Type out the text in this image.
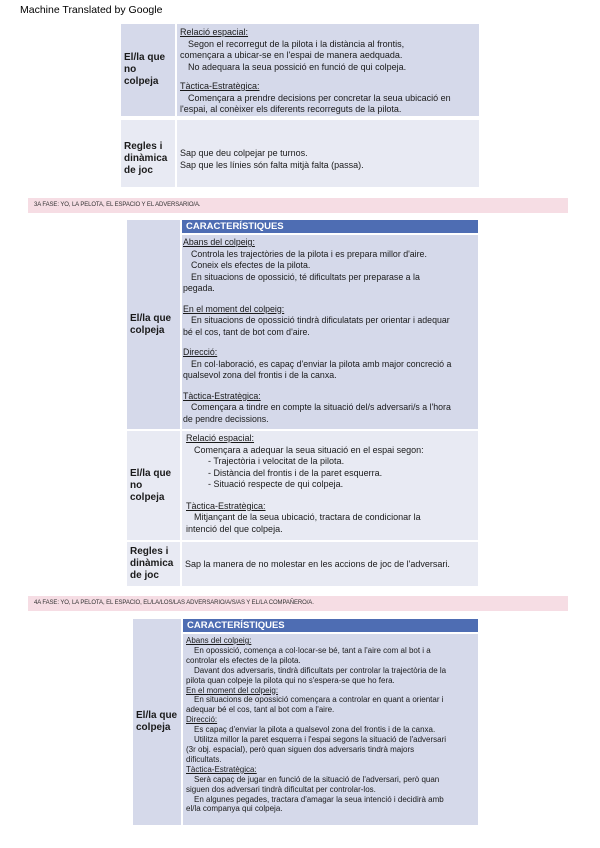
Machine Translated by Google
El/la que
no
colpeja
Relació espacial:
Segon el recorregut de la pilota i la distància al frontis,
començara a ubicar-se en l'espai de manera aedquada.
No adequara la seua possició en funció de qui colpeja.
Tàctica-Estratègica:
Començara a prendre decisions per concretar la seua ubicació en
l'espai, al conèixer els diferents recorreguts de la pilota.
Regles i
dinàmica
de joc
Sap que deu colpejar pe turnos.
Sap que les línies són falta mitjà falta (passa).
3A FASE: YO, LA PELOTA, EL ESPACIO Y EL ADVERSARIO/A.
CARACTERÍSTIQUES
El/la que
colpeja
Abans del colpeig:
Controla les trajectòries de la pilota i es prepara millor d'aire.
Coneix els efectes de la pilota.
En situacions de opossició, té dificultats per preparase a la
pegada.
En el moment del colpeig:
En situacions de opossició tindrà dificulatats per orientar i adequar
bé el cos, tant de bot com d'aire.
Direcció:
En col·laboració, es capaç d'enviar la pilota amb major concreció a
qualsevol zona del frontis i de la canxa.
Tàctica-Estratègica:
Començara a tindre en compte la situació del/s adversari/s a l'hora
de pendre decissions.
El/la que
no
colpeja
Relació espacial:
Començara a adequar la seua situació en el espai segon:
- Trajectòria i velocitat de la pilota.
- Distància del frontis i de la paret esquerra.
- Situació respecte de qui colpeja.
Tàctica-Estratègica:
Mitjançant de la seua ubicació, tractara de condicionar la
intenció del que colpeja.
Regles i
dinàmica
de joc
Sap la manera de no molestar en les accions de joc de l'adversari.
4A FASE: YO, LA PELOTA, EL ESPACIO, EL/LA/LOS/LAS ADVERSARIO/A/S/AS Y EL/LA COMPAÑERO/A.
CARACTERÍSTIQUES
El/la que
colpeja
Abans del colpeig:
En opossició, comença a col·locar-se bé, tant a l'aire com al bot i a
controlar els efectes de la pilota.
Davant dos adversaris, tindrà dificultats per controlar la trajectòria de la
pilota quan colpeje la pilota qui no s'espera-se que ho fera.
En el moment del colpeig:
En situacions de opossició començara a controlar en quant a orientar i
adequar bé el cos, tant al bot com a l'aire.
Direcció:
Es capaç d'enviar la pilota a qualsevol zona del frontis i de la canxa.
Utilitza millor la paret esquerra i l'espai segons la situació de l'adversari
(3r obj. espacial), però quan siguen dos adversaris tindrà majors
dificultats.
Tàctica-Estratègica:
Serà capaç de jugar en funció de la situació de l'adversari, però quan
siguen dos adversari tindrà dificultat per controlar-los.
En algunes pegades, tractara d'amagar la seua intenció i decidirà amb
el/la companya qui colpeja.
